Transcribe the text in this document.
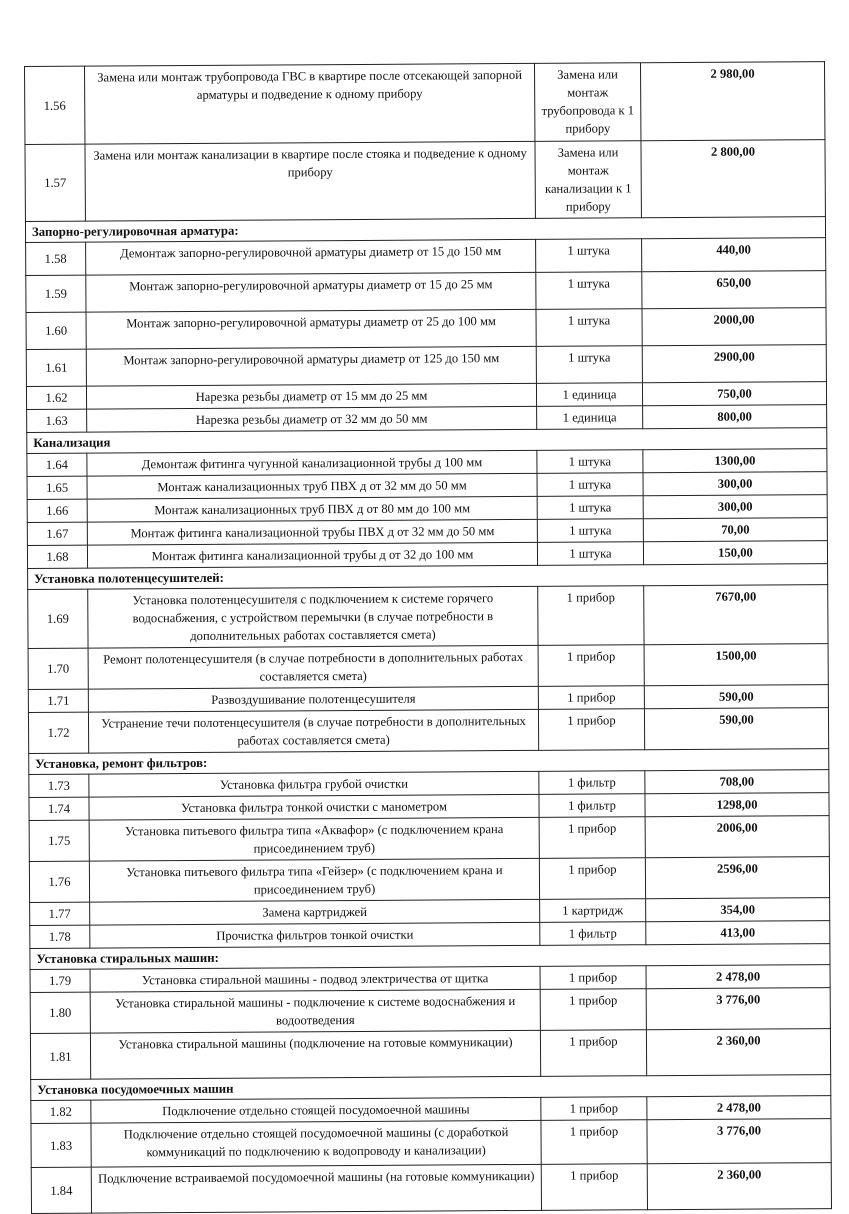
1.56	Замена или монтаж трубопровода ГВС в квартире после отсекающей запорной арматуры и подведение к одному прибору	Замена или монтаж трубопровода к 1 прибору	2 980,00
1.57	Замена или монтаж канализации в квартире после стояка и подведение к одному прибору	Замена или монтаж канализации к 1 прибору	2 800,00
Запорно-регулировочная арматура:			
1.58	Демонтаж запорно-регулировочной арматуры диаметр от 15 до 150 мм	1 штука	440,00
1.59	Монтаж запорно-регулировочной арматуры диаметр от 15 до 25 мм	1 штука	650,00
1.60	Монтаж запорно-регулировочной арматуры диаметр от 25 до 100 мм	1 штука	2000,00
1.61	Монтаж запорно-регулировочной арматуры диаметр от 125 до 150 мм	1 штука	2900,00
1.62	Нарезка резьбы диаметр от 15 мм до 25 мм	1 единица	750,00
1.63	Нарезка резьбы диаметр от 32 мм до 50 мм	1 единица	800,00
Канализация			
1.64	Демонтаж фитинга чугунной канализационной трубы д 100 мм	1 штука	1300,00
1.65	Монтаж канализационных труб ПВХ д от 32 мм до 50 мм	1 штука	300,00
1.66	Монтаж канализационных труб ПВХ д от 80 мм до 100 мм	1 штука	300,00
1.67	Монтаж фитинга канализационной трубы ПВХ д от 32 мм до 50 мм	1 штука	70,00
1.68	Монтаж фитинга канализационной трубы д от 32 до 100 мм	1 штука	150,00
Установка полотенцесушителей:			
1.69	Установка полотенцесушителя с подключением к системе горячего водоснабжения, с устройством перемычки (в случае потребности в дополнительных работах составляется смета)	1 прибор	7670,00
1.70	Ремонт полотенцесушителя (в случае потребности в дополнительных работах составляется смета)	1 прибор	1500,00
1.71	Развоздушивание полотенцесушителя	1 прибор	590,00
1.72	Устранение течи полотенцесушителя (в случае потребности в дополнительных работах составляется смета)	1 прибор	590,00
Установка, ремонт фильтров:			
1.73	Установка фильтра грубой очистки	1 фильтр	708,00
1.74	Установка фильтра тонкой очистки с манометром	1 фильтр	1298,00
1.75	Установка питьевого фильтра типа «Аквафор» (с подключением крана присоединением труб)	1 прибор	2006,00
1.76	Установка питьевого фильтра типа «Гейзер» (с подключением крана и присоединением труб)	1 прибор	2596,00
1.77	Замена картриджей	1 картридж	354,00
1.78	Прочистка фильтров тонкой очистки	1 фильтр	413,00
Установка стиральных машин:			
1.79	Установка стиральной машины - подвод электричества от щитка	1 прибор	2 478,00
1.80	Установка стиральной машины - подключение к системе водоснабжения и водоотведения	1 прибор	3 776,00
1.81	Установка стиральной машины (подключение на готовые коммуникации)	1 прибор	2 360,00
Установка посудомоечных машин			
1.82	Подключение отдельно стоящей посудомоечной машины	1 прибор	2 478,00
1.83	Подключение отдельно стоящей посудомоечной машины (с доработкой коммуникаций по подключению к водопроводу и канализации)	1 прибор	3 776,00
1.84	Подключение встраиваемой посудомоечной машины (на готовые коммуникации)	1 прибор	2 360,00
